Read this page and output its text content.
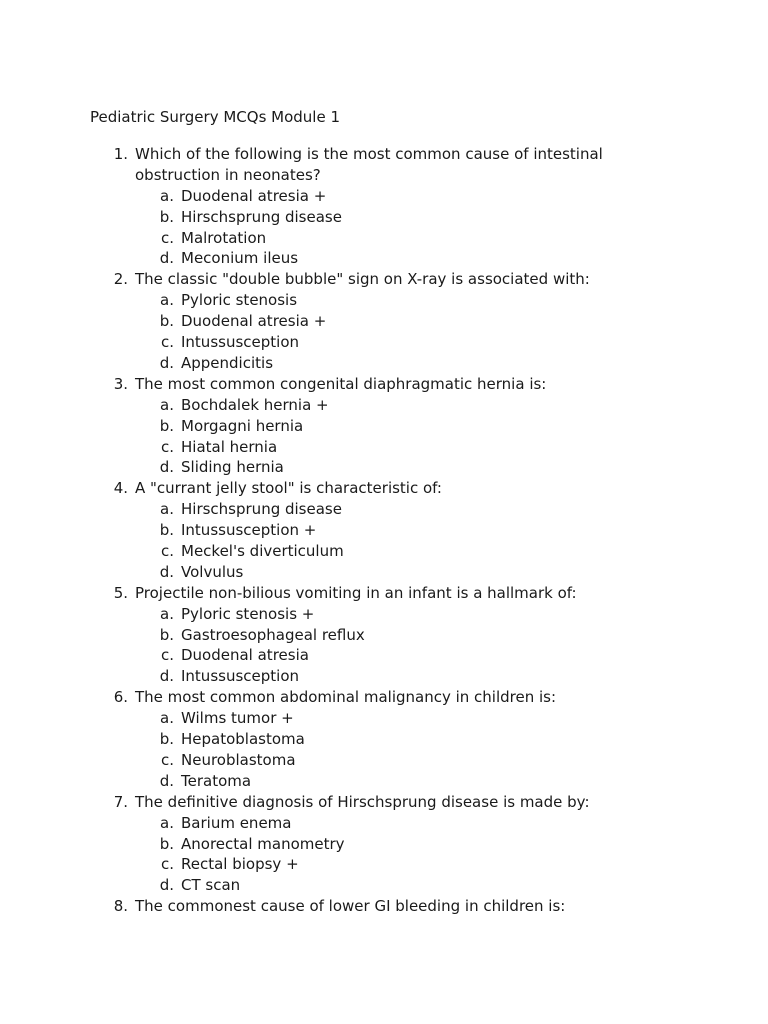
Pediatric Surgery MCQs Module 1
1. Which of the following is the most common cause of intestinal obstruction in neonates?
a. Duodenal atresia +
b. Hirschsprung disease
c. Malrotation
d. Meconium ileus
2. The classic "double bubble" sign on X-ray is associated with:
a. Pyloric stenosis
b. Duodenal atresia +
c. Intussusception
d. Appendicitis
3. The most common congenital diaphragmatic hernia is:
a. Bochdalek hernia +
b. Morgagni hernia
c. Hiatal hernia
d. Sliding hernia
4. A "currant jelly stool" is characteristic of:
a. Hirschsprung disease
b. Intussusception +
c. Meckel's diverticulum
d. Volvulus
5. Projectile non-bilious vomiting in an infant is a hallmark of:
a. Pyloric stenosis +
b. Gastroesophageal reflux
c. Duodenal atresia
d. Intussusception
6. The most common abdominal malignancy in children is:
a. Wilms tumor +
b. Hepatoblastoma
c. Neuroblastoma
d. Teratoma
7. The definitive diagnosis of Hirschsprung disease is made by:
a. Barium enema
b. Anorectal manometry
c. Rectal biopsy +
d. CT scan
8. The commonest cause of lower GI bleeding in children is:
